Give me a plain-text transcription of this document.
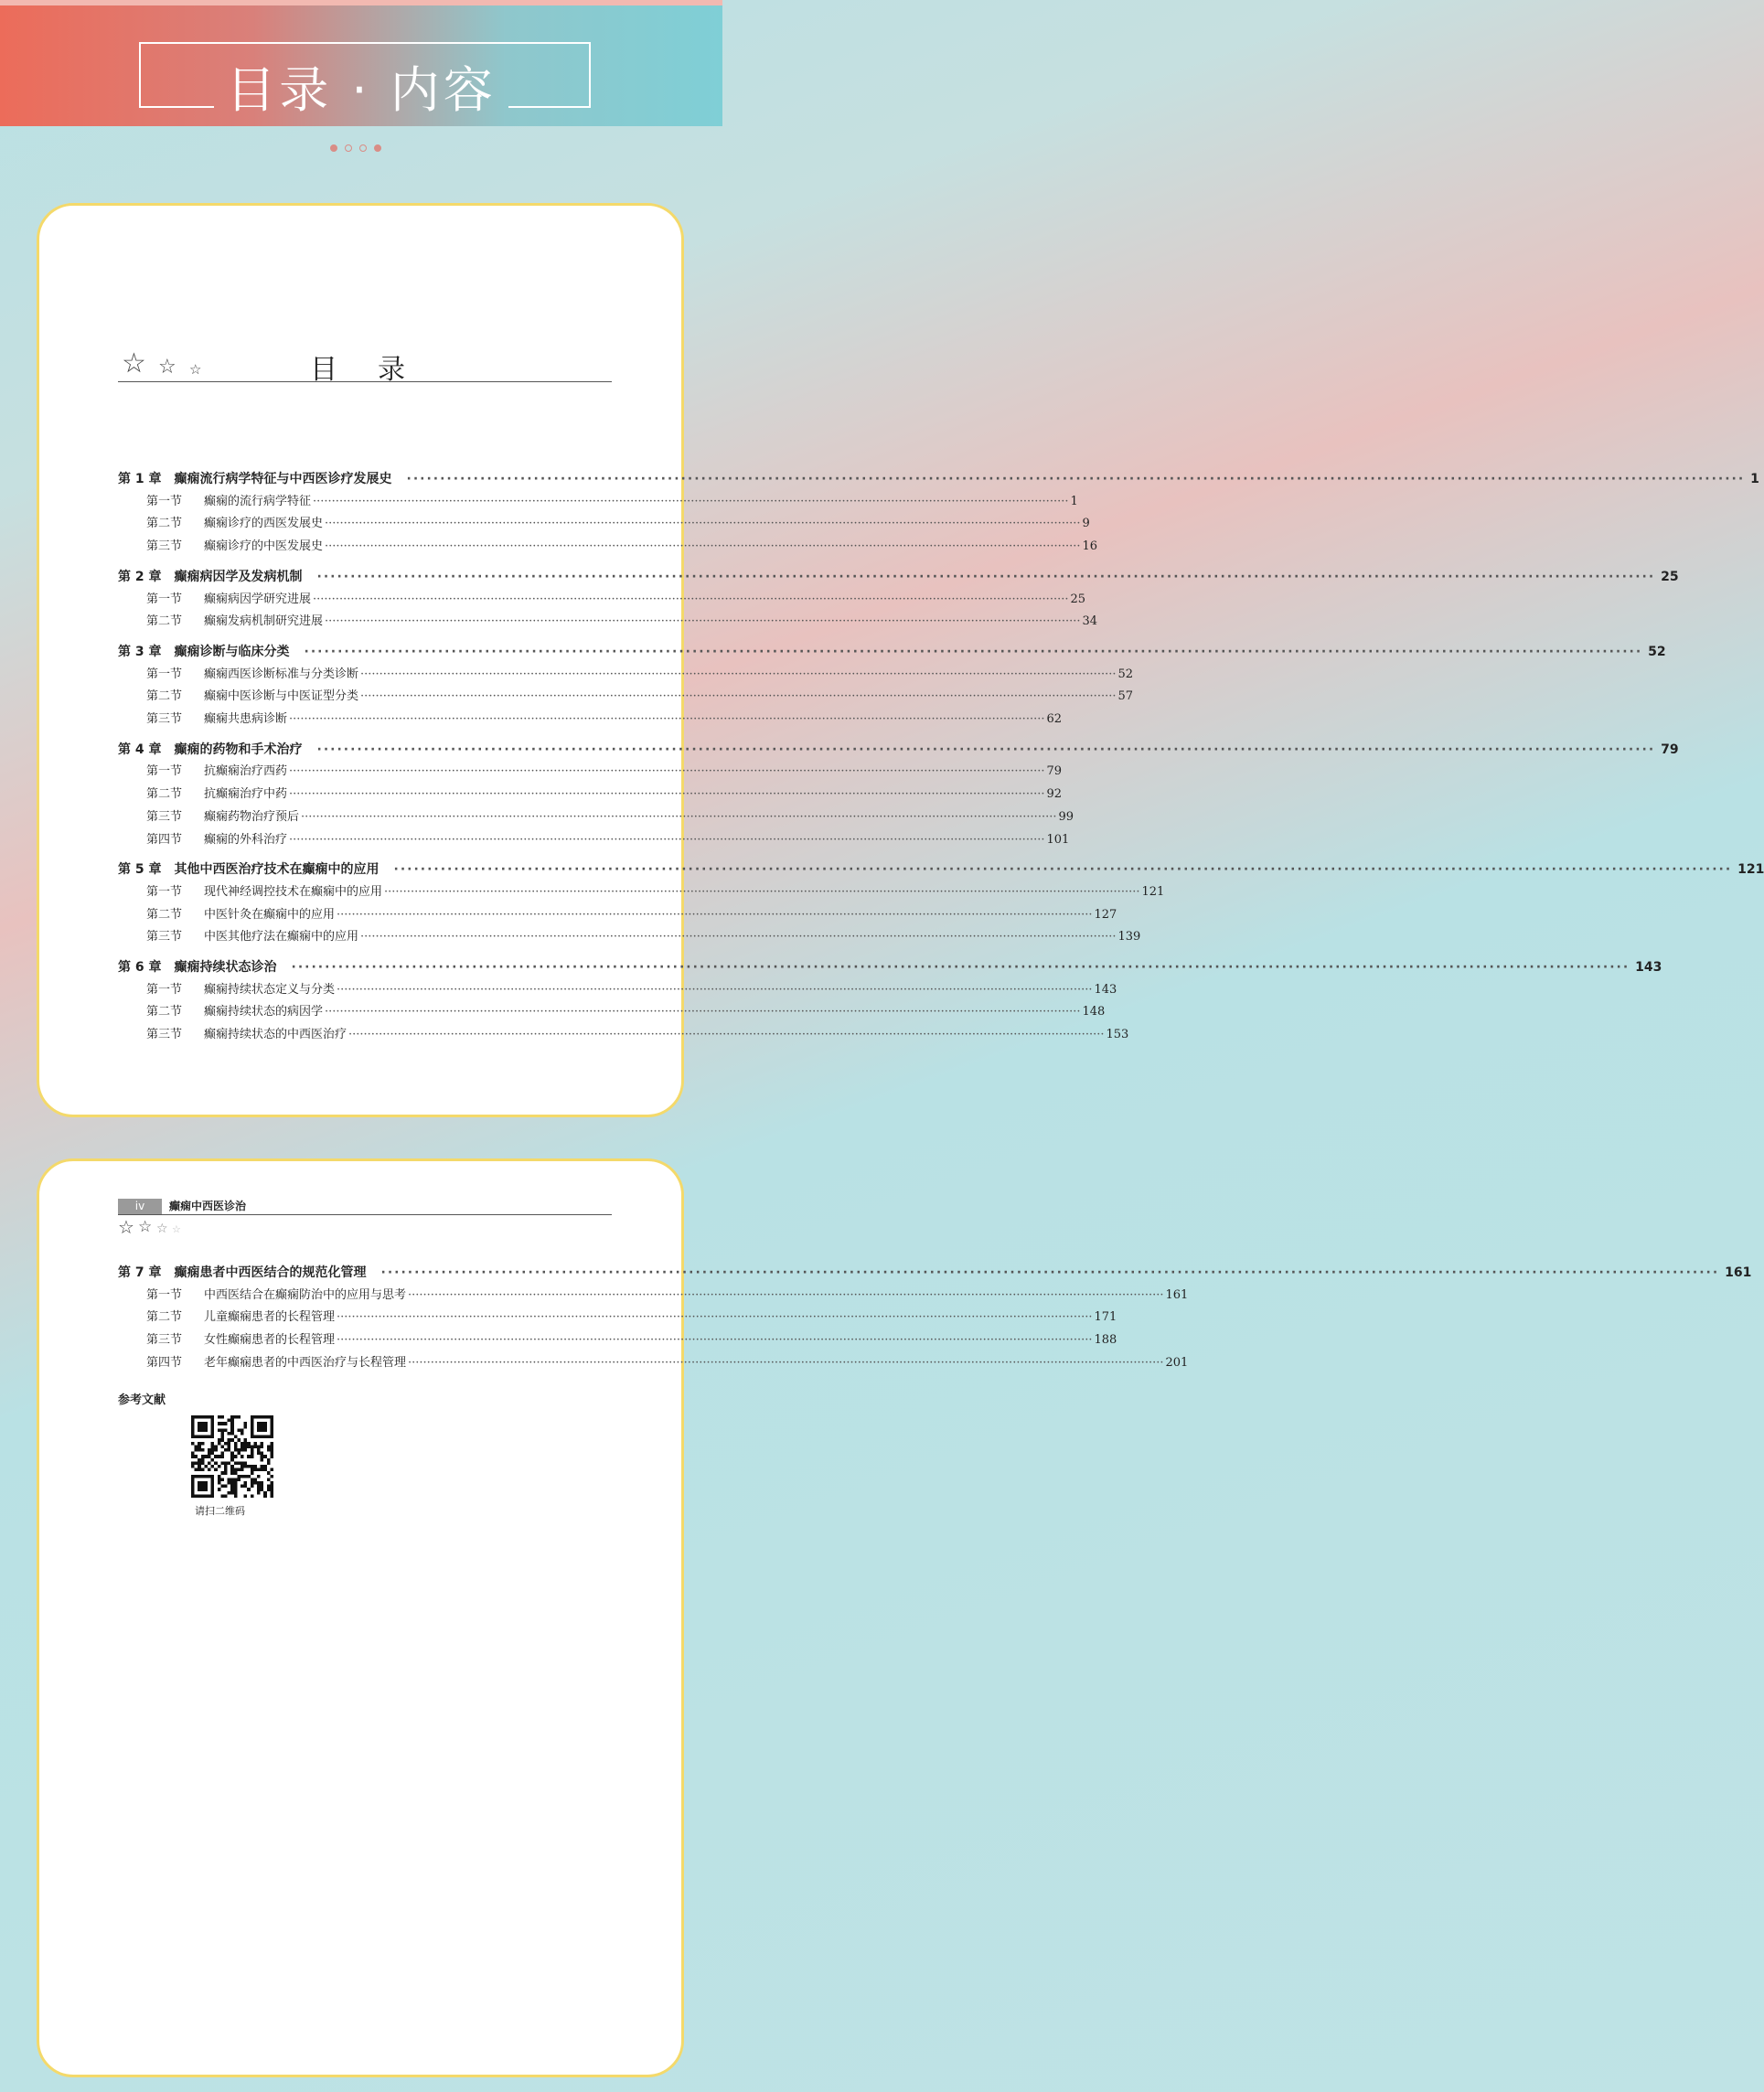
目录 · 内容
☆ ☆ ☆	目录
第 1 章　癫痫流行病学特征与中西医诊疗发展史 ········································································································································································································ 1
第一节	癫痫的流行病学特征 ········································································································································································································ 1
第二节	癫痫诊疗的西医发展史 ········································································································································································································ 9
第三节	癫痫诊疗的中医发展史 ········································································································································································································ 16
第 2 章　癫痫病因学及发病机制 ········································································································································································································ 25
第一节	癫痫病因学研究进展 ········································································································································································································ 25
第二节	癫痫发病机制研究进展 ········································································································································································································ 34
第 3 章　癫痫诊断与临床分类 ········································································································································································································ 52
第一节	癫痫西医诊断标准与分类诊断 ········································································································································································································ 52
第二节	癫痫中医诊断与中医证型分类 ········································································································································································································ 57
第三节	癫痫共患病诊断 ········································································································································································································ 62
第 4 章　癫痫的药物和手术治疗 ········································································································································································································ 79
第一节	抗癫痫治疗西药 ········································································································································································································ 79
第二节	抗癫痫治疗中药 ········································································································································································································ 92
第三节	癫痫药物治疗预后 ········································································································································································································ 99
第四节	癫痫的外科治疗 ········································································································································································································ 101
第 5 章　其他中西医治疗技术在癫痫中的应用 ········································································································································································································ 121
第一节	现代神经调控技术在癫痫中的应用 ········································································································································································································ 121
第二节	中医针灸在癫痫中的应用 ········································································································································································································ 127
第三节	中医其他疗法在癫痫中的应用 ········································································································································································································ 139
第 6 章　癫痫持续状态诊治 ········································································································································································································ 143
第一节	癫痫持续状态定义与分类 ········································································································································································································ 143
第二节	癫痫持续状态的病因学 ········································································································································································································ 148
第三节	癫痫持续状态的中西医治疗 ········································································································································································································ 153
iv	癫痫中西医诊治
☆ ☆ ☆ ☆
第 7 章　癫痫患者中西医结合的规范化管理 ········································································································································································································ 161
第一节	中西医结合在癫痫防治中的应用与思考 ········································································································································································································ 161
第二节	儿童癫痫患者的长程管理 ········································································································································································································ 171
第三节	女性癫痫患者的长程管理 ········································································································································································································ 188
第四节	老年癫痫患者的中西医治疗与长程管理 ········································································································································································································ 201
参考文献
请扫二维码
